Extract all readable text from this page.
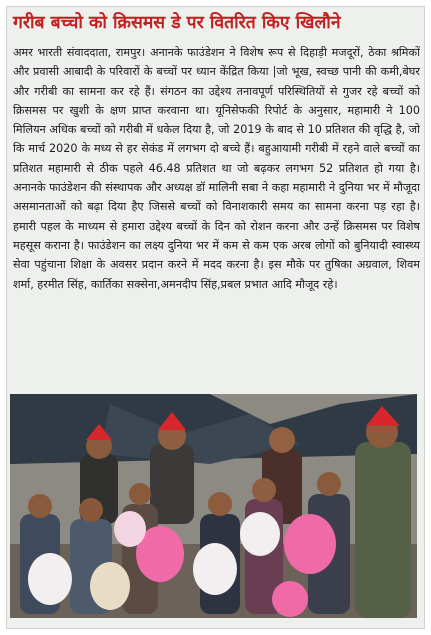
गरीब बच्चो को क्रिसमस डे पर वितरित किए खिलौने
अमर भारती संवाददाता, रामपुर। अनानके फाउंडेशन ने विशेष रूप से दिहाड़ी मजदूरों, ठेका श्रमिकों और प्रवासी आबादी के परिवारों के बच्चों पर ध्यान केंद्रित किया |जो भूख, स्वच्छ पानी की कमी,बेघर और गरीबी का सामना कर रहे हैं। संगठन का उद्देश्य तनावपूर्ण परिस्थितियों से गुजर रहे बच्चों को क्रिसमस पर खुशी के क्षण प्राप्त करवाना था। यूनिसेफकी रिपोर्ट के अनुसार, महामारी ने 100 मिलियन अधिक बच्चों को गरीबी में धकेल दिया है, जो 2019 के बाद से 10 प्रतिशत की वृद्धि है, जो कि मार्च 2020 के मध्य से हर सेकंड में लगभग दो बच्चे हैं। बहुआयामी गरीबी में रहने वाले बच्चों का प्रतिशत महामारी से ठीक पहले 46.48 प्रतिशत था जो बढ़कर लगभग 52 प्रतिशत हो गया है। अनानके फाउंडेशन की संस्थापक और अध्यक्ष डॉ मालिनी सबा ने कहा महामारी ने दुनिया भर में मौजूदा असमानताओं को बढ़ा दिया हैए जिससे बच्चों को विनाशकारी समय का सामना करना पड़ रहा है। हमारी पहल के माध्यम से हमारा उद्देश्य बच्चों के दिन को रोशन करना और उन्हें क्रिसमस पर विशेष महसूस कराना है। फाउंडेशन का लक्ष्य दुनिया भर में कम से कम एक अरब लोगों को बुनियादी स्वास्थ्य सेवा पहुंचाना शिक्षा के अवसर प्रदान करने में मदद करना है। इस मौके पर तुषिका अग्रवाल, शिवम शर्मा, हरमीत सिंह, कार्तिका सक्सेना,अमनदीप सिंह,प्रबल प्रभात आदि मौजूद रहे।
